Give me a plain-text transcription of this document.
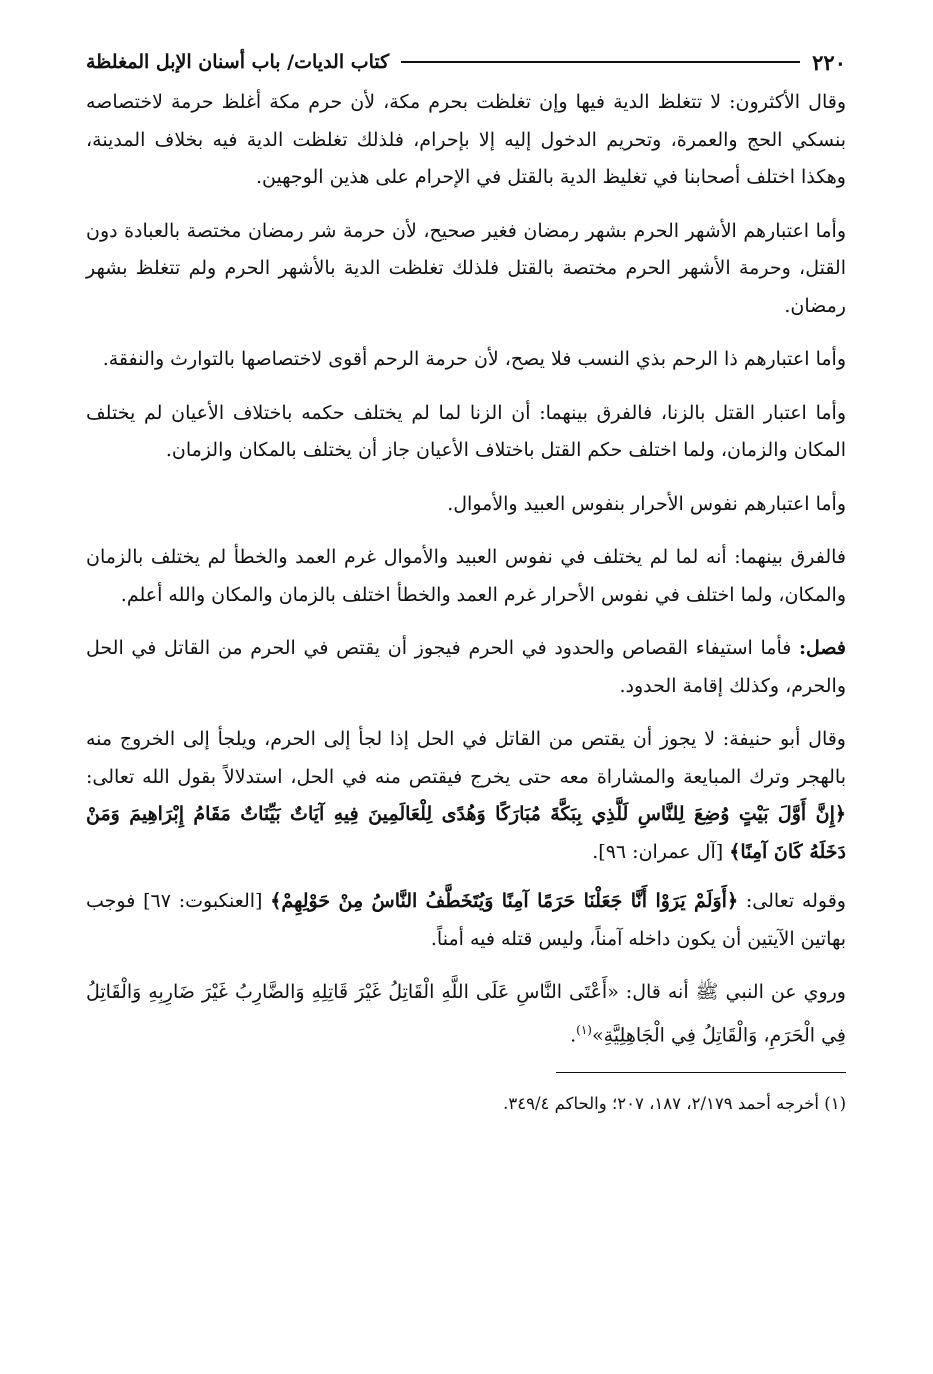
٢٢٠
كتاب الديات/ باب أسنان الإبل المغلظة

وقال الأكثرون: لا تتغلظ الدية فيها وإن تغلظت بحرم مكة، لأن حرم مكة أغلظ حرمة لاختصاصه بنسكي الحج والعمرة، وتحريم الدخول إليه إلا بإحرام، فلذلك تغلظت الدية فيه بخلاف المدينة، وهكذا اختلف أصحابنا في تغليظ الدية بالقتل في الإحرام على هذين الوجهين.

وأما اعتبارهم الأشهر الحرم بشهر رمضان فغير صحيح، لأن حرمة شر رمضان مختصة بالعبادة دون القتل، وحرمة الأشهر الحرم مختصة بالقتل فلذلك تغلظت الدية بالأشهر الحرم ولم تتغلظ بشهر رمضان.

وأما اعتبارهم ذا الرحم بذي النسب فلا يصح، لأن حرمة الرحم أقوى لاختصاصها بالتوارث والنفقة.

وأما اعتبار القتل بالزنا، فالفرق بينهما: أن الزنا لما لم يختلف حكمه باختلاف الأعيان لم يختلف المكان والزمان، ولما اختلف حكم القتل باختلاف الأعيان جاز أن يختلف بالمكان والزمان.

وأما اعتبارهم نفوس الأحرار بنفوس العبيد والأموال.

فالفرق بينهما: أنه لما لم يختلف في نفوس العبيد والأموال غرم العمد والخطأ لم يختلف بالزمان والمكان، ولما اختلف في نفوس الأحرار غرم العمد والخطأ اختلف بالزمان والمكان والله أعلم.

فصل: فأما استيفاء القصاص والحدود في الحرم فيجوز أن يقتص في الحرم من القاتل في الحل والحرم، وكذلك إقامة الحدود.

وقال أبو حنيفة: لا يجوز أن يقتص من القاتل في الحل إذا لجأ إلى الحرم، ويلجأ إلى الخروج منه بالهجر وترك المبايعة والمشاراة معه حتى يخرج فيقتص منه في الحل، استدلالاً بقول الله تعالى: ﴿إِنَّ أَوَّلَ بَيْتٍ وُضِعَ لِلنَّاسِ لَلَّذِي بِبَكَّةَ مُبَارَكًا وَهُدًى لِلْعَالَمِينَ فِيهِ آيَاتٌ بَيِّنَاتٌ مَقَامُ إِبْرَاهِيمَ وَمَنْ دَخَلَهُ كَانَ آمِنًا﴾ [آل عمران: ٩٦].

وقوله تعالى: ﴿أَوَلَمْ يَرَوْا أَنَّا جَعَلْنَا حَرَمًا آمِنًا وَيُتَخَطَّفُ النَّاسُ مِنْ حَوْلِهِمْ﴾ [العنكبوت: ٦٧] فوجب بهاتين الآيتين أن يكون داخله آمناً، وليس قتله فيه أمناً.

وروي عن النبي ﷺ أنه قال: «أَعْتَى النَّاسِ عَلَى اللَّهِ الْقَاتِلُ غَيْرَ قَاتِلِهِ وَالضَّارِبُ غَيْرَ ضَارِبِهِ وَالْقَاتِلُ فِي الْحَرَمِ، وَالْقَاتِلُ فِي الْجَاهِلِيَّةِ»$^{(١)}$.

(١) أخرجه أحمد ٢/١٧٩، ١٨٧، ٢٠٧؛ والحاكم ٣٤٩/٤.
